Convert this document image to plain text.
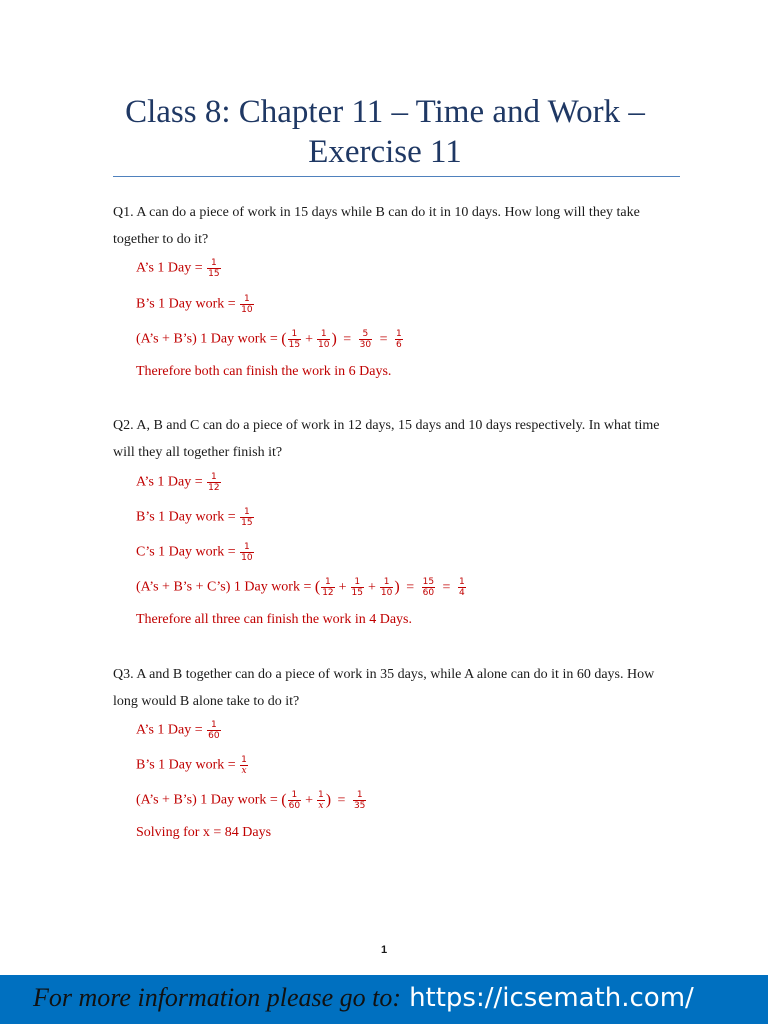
Class 8: Chapter 11 – Time and Work – Exercise 11
Q1. A can do a piece of work in 15 days while B can do it in 10 days. How long will they take together to do it?
A’s 1 Day = $\frac{1}{15}$
B’s 1 Day work = $\frac{1}{10}$
(A’s + B’s) 1 Day work = ( $\frac{1}{15} + \frac{1}{10}$ ) = $\frac{5}{30} = \frac{1}{6}$
Therefore both can finish the work in 6 Days.
Q2. A, B and C can do a piece of work in 12 days, 15 days and 10 days respectively. In what time will they all together finish it?
A’s 1 Day = $\frac{1}{12}$
B’s 1 Day work = $\frac{1}{15}$
C’s 1 Day work = $\frac{1}{10}$
(A’s + B’s + C’s) 1 Day work = ( $\frac{1}{12} + \frac{1}{15} + \frac{1}{10}$ ) = $\frac{15}{60} = \frac{1}{4}$
Therefore all three can finish the work in 4 Days.
Q3. A and B together can do a piece of work in 35 days, while A alone can do it in 60 days. How long would B alone take to do it?
A’s 1 Day = $\frac{1}{60}$
B’s 1 Day work = $\frac{1}{x}$
(A’s + B’s) 1 Day work = ( $\frac{1}{60} + \frac{1}{x}$ ) = $\frac{1}{35}$
Solving for x = 84 Days
1
For more information please go to: https://icsemath.com/
